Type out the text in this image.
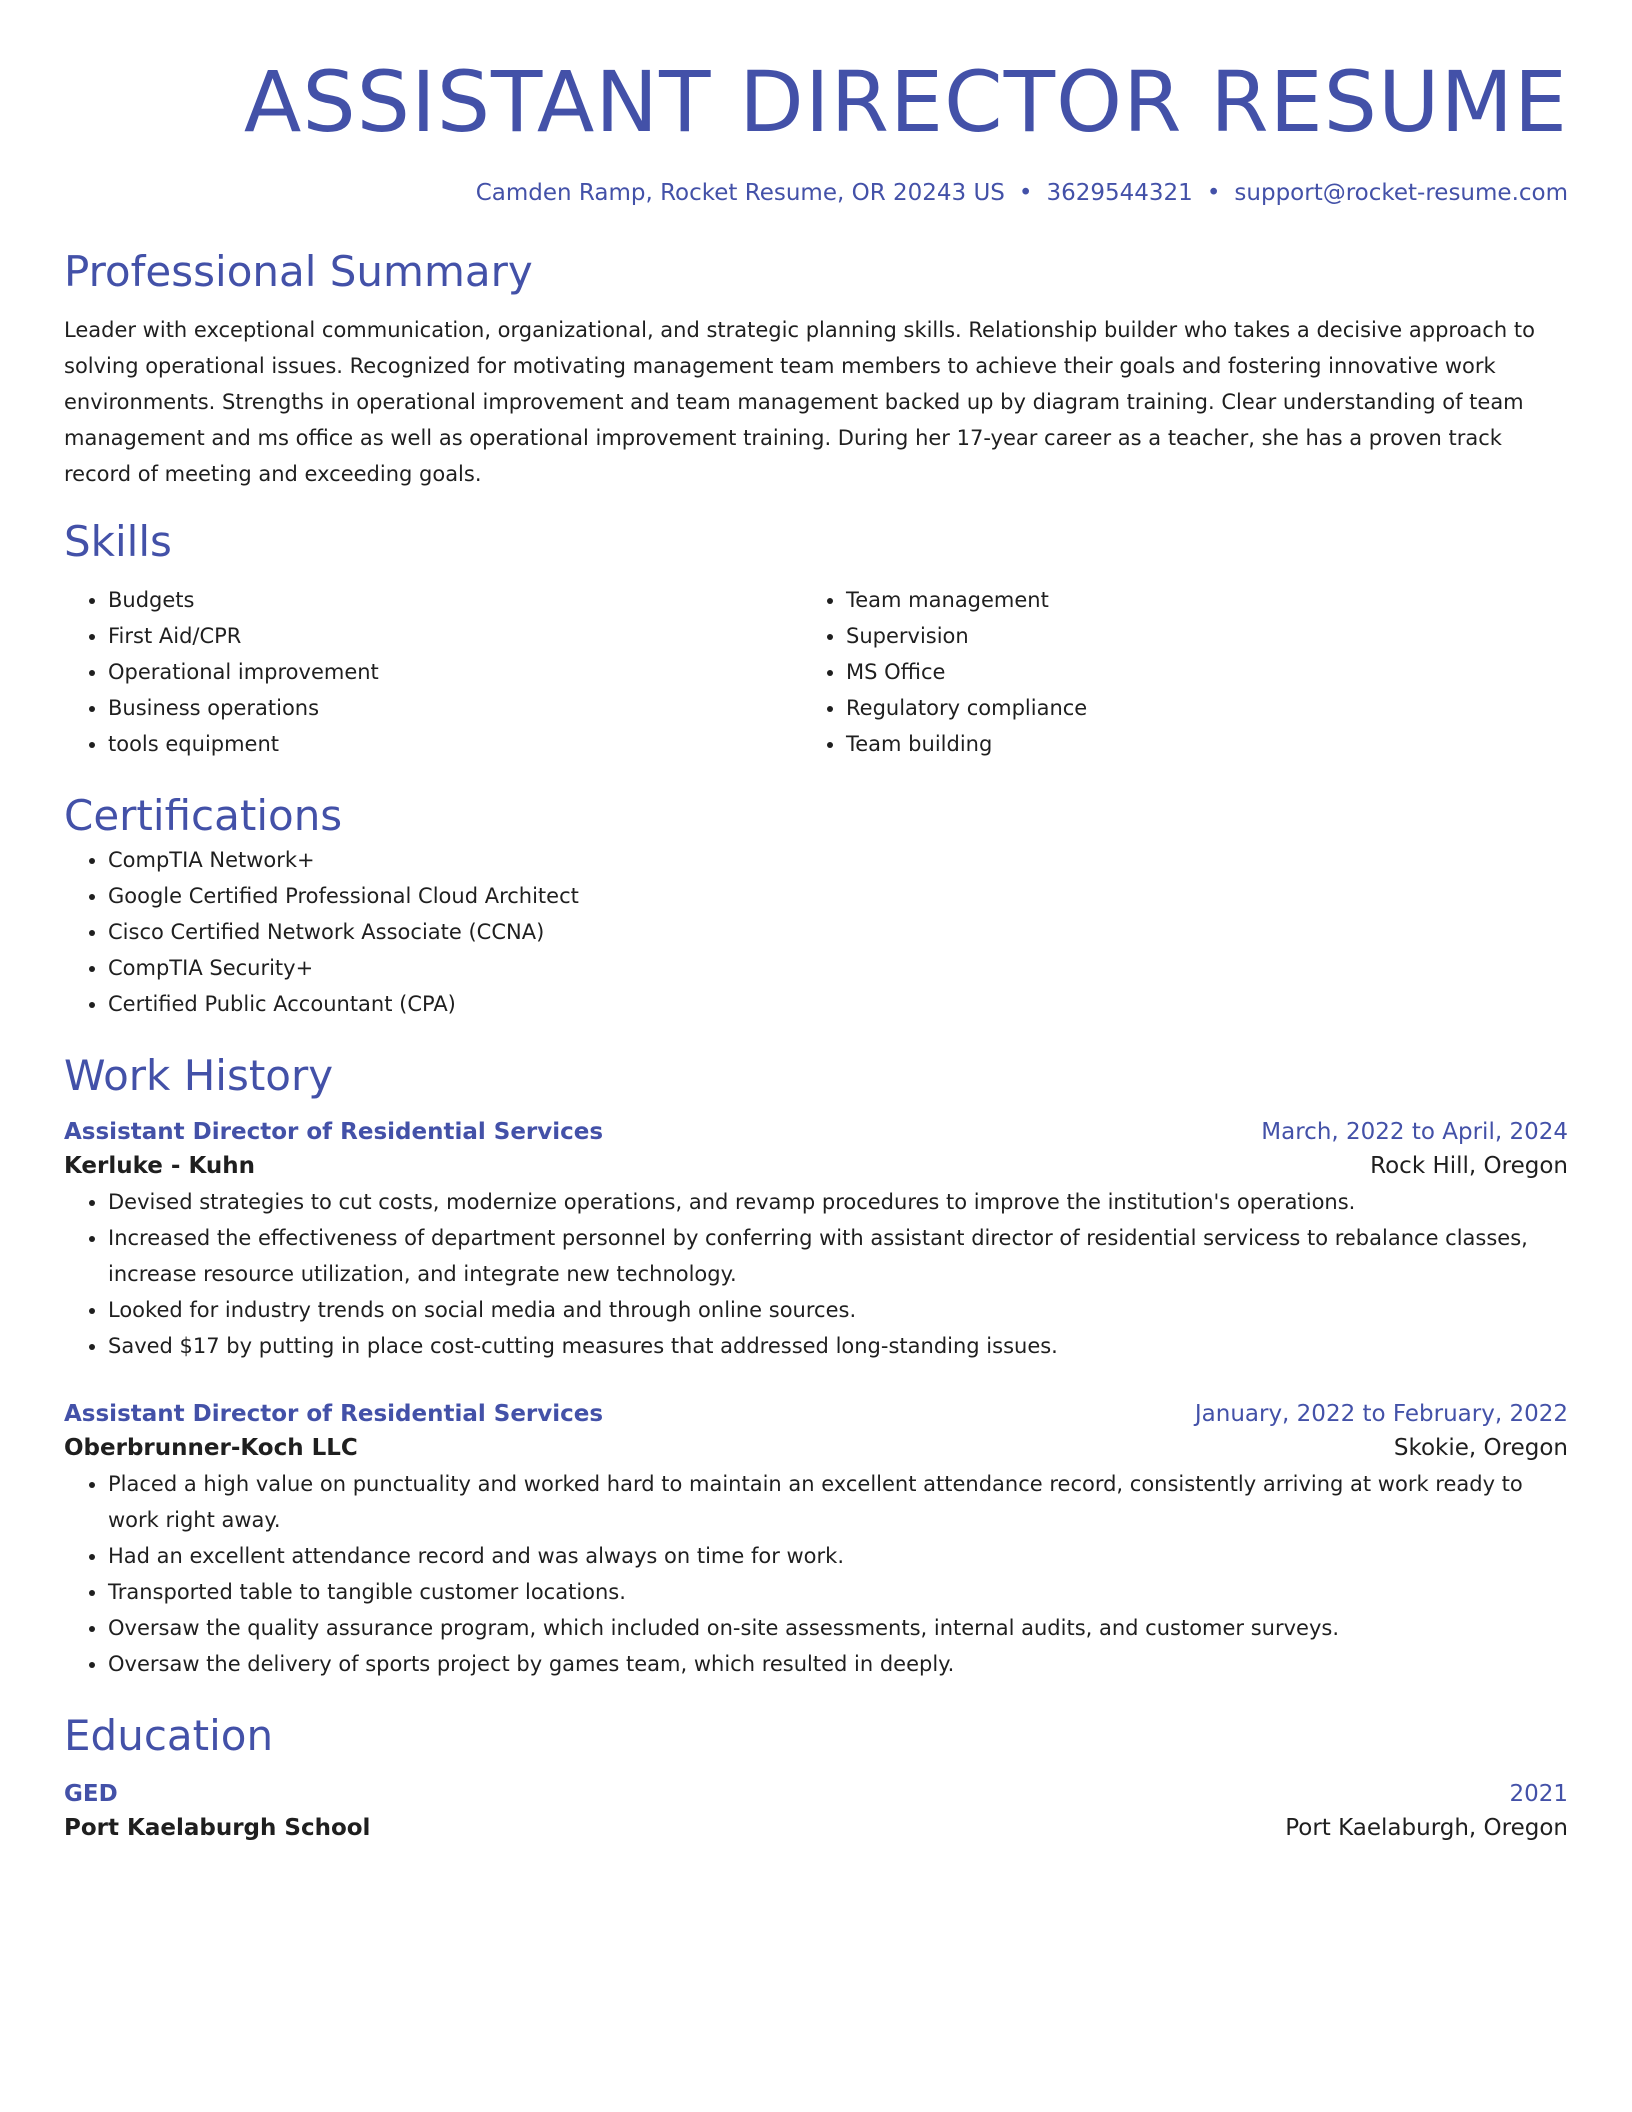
ASSISTANT DIRECTOR RESUME
Camden Ramp, Rocket Resume, OR 20243 US • 3629544321 • support@rocket-resume.com
Professional Summary
Leader with exceptional communication, organizational, and strategic planning skills. Relationship builder who takes a decisive approach to solving operational issues. Recognized for motivating management team members to achieve their goals and fostering innovative work environments. Strengths in operational improvement and team management backed up by diagram training. Clear understanding of team management and ms office as well as operational improvement training. During her 17-year career as a teacher, she has a proven track record of meeting and exceeding goals.
Skills
• Budgets
• First Aid/CPR
• Operational improvement
• Business operations
• tools equipment
• Team management
• Supervision
• MS Office
• Regulatory compliance
• Team building
Certifications
• CompTIA Network+
• Google Certified Professional Cloud Architect
• Cisco Certified Network Associate (CCNA)
• CompTIA Security+
• Certified Public Accountant (CPA)
Work History
Assistant Director of Residential Services	March, 2022 to April, 2024
Kerluke - Kuhn	Rock Hill, Oregon
• Devised strategies to cut costs, modernize operations, and revamp procedures to improve the institution's operations.
• Increased the effectiveness of department personnel by conferring with assistant director of residential servicess to rebalance classes, increase resource utilization, and integrate new technology.
• Looked for industry trends on social media and through online sources.
• Saved $17 by putting in place cost-cutting measures that addressed long-standing issues.
Assistant Director of Residential Services	January, 2022 to February, 2022
Oberbrunner-Koch LLC	Skokie, Oregon
• Placed a high value on punctuality and worked hard to maintain an excellent attendance record, consistently arriving at work ready to work right away.
• Had an excellent attendance record and was always on time for work.
• Transported table to tangible customer locations.
• Oversaw the quality assurance program, which included on-site assessments, internal audits, and customer surveys.
• Oversaw the delivery of sports project by games team, which resulted in deeply.
Education
GED	2021
Port Kaelaburgh School	Port Kaelaburgh, Oregon
